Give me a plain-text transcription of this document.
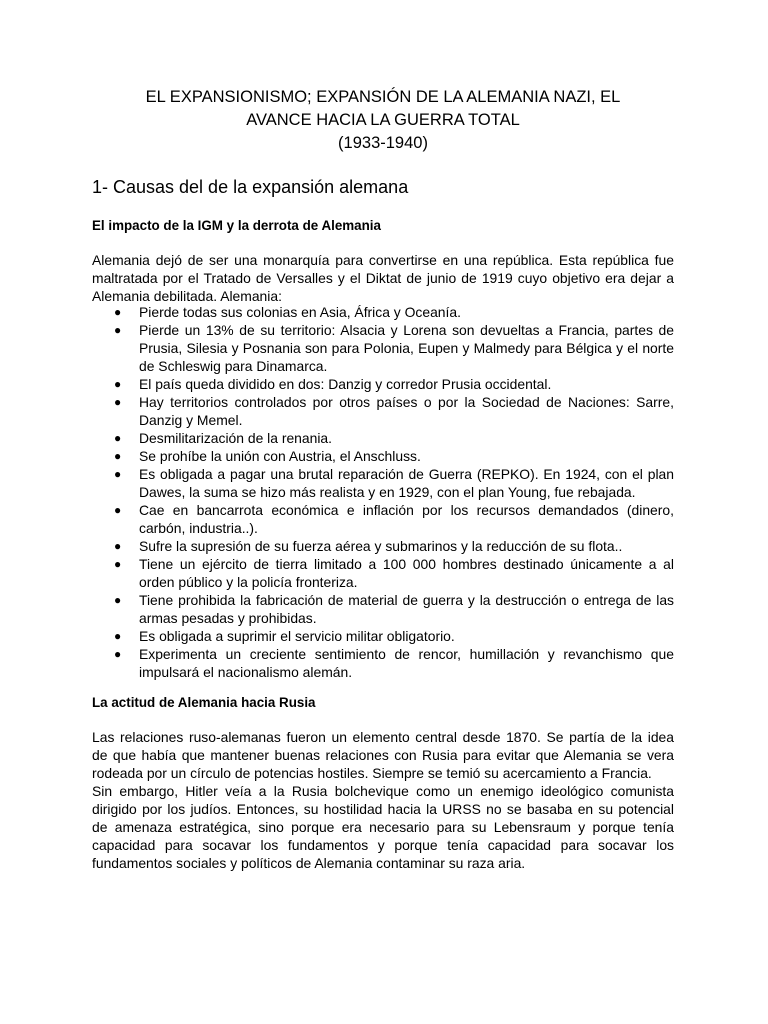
EL EXPANSIONISMO; EXPANSIÓN DE LA ALEMANIA NAZI, EL
AVANCE HACIA LA GUERRA TOTAL
(1933-1940)
1- Causas del de la expansión alemana
El impacto de la IGM y la derrota de Alemania
Alemania dejó de ser una monarquía para convertirse en una república. Esta república fue
maltratada por el Tratado de Versalles y el Diktat de junio de 1919 cuyo objetivo era dejar a
Alemania debilitada. Alemania:
● Pierde todas sus colonias en Asia, África y Oceanía.
● Pierde un 13% de su territorio: Alsacia y Lorena son devueltas a Francia, partes de Prusia, Silesia y Posnania son para Polonia, Eupen y Malmedy para Bélgica y el norte de Schleswig para Dinamarca.
● El país queda dividido en dos: Danzig y corredor Prusia occidental.
● Hay territorios controlados por otros países o por la Sociedad de Naciones: Sarre, Danzig y Memel.
● Desmilitarización de la renania.
● Se prohíbe la unión con Austria, el Anschluss.
● Es obligada a pagar una brutal reparación de Guerra (REPKO). En 1924, con el plan Dawes, la suma se hizo más realista y en 1929, con el plan Young, fue rebajada.
● Cae en bancarrota económica e inflación por los recursos demandados (dinero, carbón, industria..).
● Sufre la supresión de su fuerza aérea y submarinos y la reducción de su flota..
● Tiene un ejército de tierra limitado a 100 000 hombres destinado únicamente a al orden público y la policía fronteriza.
● Tiene prohibida la fabricación de material de guerra y la destrucción o entrega de las armas pesadas y prohibidas.
● Es obligada a suprimir el servicio militar obligatorio.
● Experimenta un creciente sentimiento de rencor, humillación y revanchismo que impulsará el nacionalismo alemán.
La actitud de Alemania hacia Rusia
Las relaciones ruso-alemanas fueron un elemento central desde 1870. Se partía de la idea
de que había que mantener buenas relaciones con Rusia para evitar que Alemania se vera
rodeada por un círculo de potencias hostiles. Siempre se temió su acercamiento a Francia.
Sin embargo, Hitler veía a la Rusia bolchevique como un enemigo ideológico comunista
dirigido por los judíos. Entonces, su hostilidad hacia la URSS no se basaba en su potencial
de amenaza estratégica, sino porque era necesario para su Lebensraum y porque tenía
capacidad para socavar los fundamentos y porque tenía capacidad para socavar los
fundamentos sociales y políticos de Alemania contaminar su raza aria.
